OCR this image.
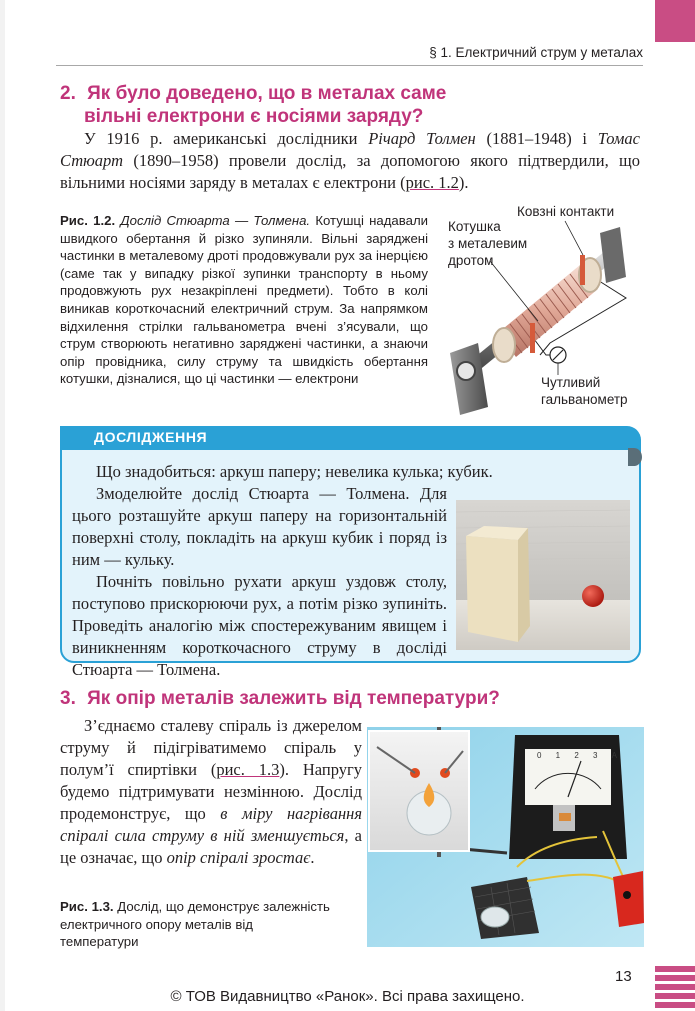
§ 1. Електричний струм у металах
2. Як було доведено, що в металах саме
вільні електрони є носіями заряду?

У 1916 р. американські дослідники Річард Толмен (1881–1948) і Томас Стюарт (1890–1958) провели дослід, за допомогою якого підтвердили, що вільними носіями заряду в металах є електрони (рис. 1.2).

Рис. 1.2. Дослід Стюарта — Толмена. Котушці надавали швидкого обертання й різко зупиняли. Вільні заряджені частинки в металевому дроті продовжували рух за інерцією (саме так у випадку різкої зупинки транспорту в ньому продовжують рух незакріплені предмети). Тобто в колі виникав короткочасний електричний струм. За напрямком відхилення стрілки гальванометра вчені з’ясували, що струм створюють негативно заряджені частинки, а знаючи опір провідника, силу струму та швидкість обертання котушки, дізналися, що ці частинки — електрони

Ковзні контакти
Котушка
з металевим
дротом
Чутливий
гальванометр
ДОСЛІДЖЕННЯ

Що знадобиться: аркуш паперу; невелика кулька; кубик.

Змоделюйте дослід Стюарта — Толмена. Для цього розташуйте аркуш паперу на горизонтальній поверхні столу, покладіть на аркуш кубик і поряд із ним — кульку.

Почніть повільно рухати аркуш уздовж столу, поступово прискорюючи рух, а потім різко зупиніть. Проведіть аналогію між спостережуваним явищем і виникненням короткочасного струму в досліді Стюарта — Толмена.

3. Як опір металів залежить від температури?

З’єднаємо сталеву спіраль із джерелом струму й підігріватимемо спіраль у полум’ї спиртівки (рис. 1.3). Напругу будемо підтримувати незмінною. Дослід продемонструє, що в міру нагрівання спіралі сила струму в ній зменшується, а це означає, що опір спіралі зростає.

0 1 2 3 A

Рис. 1.3. Дослід, що демонструє залежність електричного опору металів від температури

13
© ТОВ Видавництво «Ранок». Всі права захищено.
